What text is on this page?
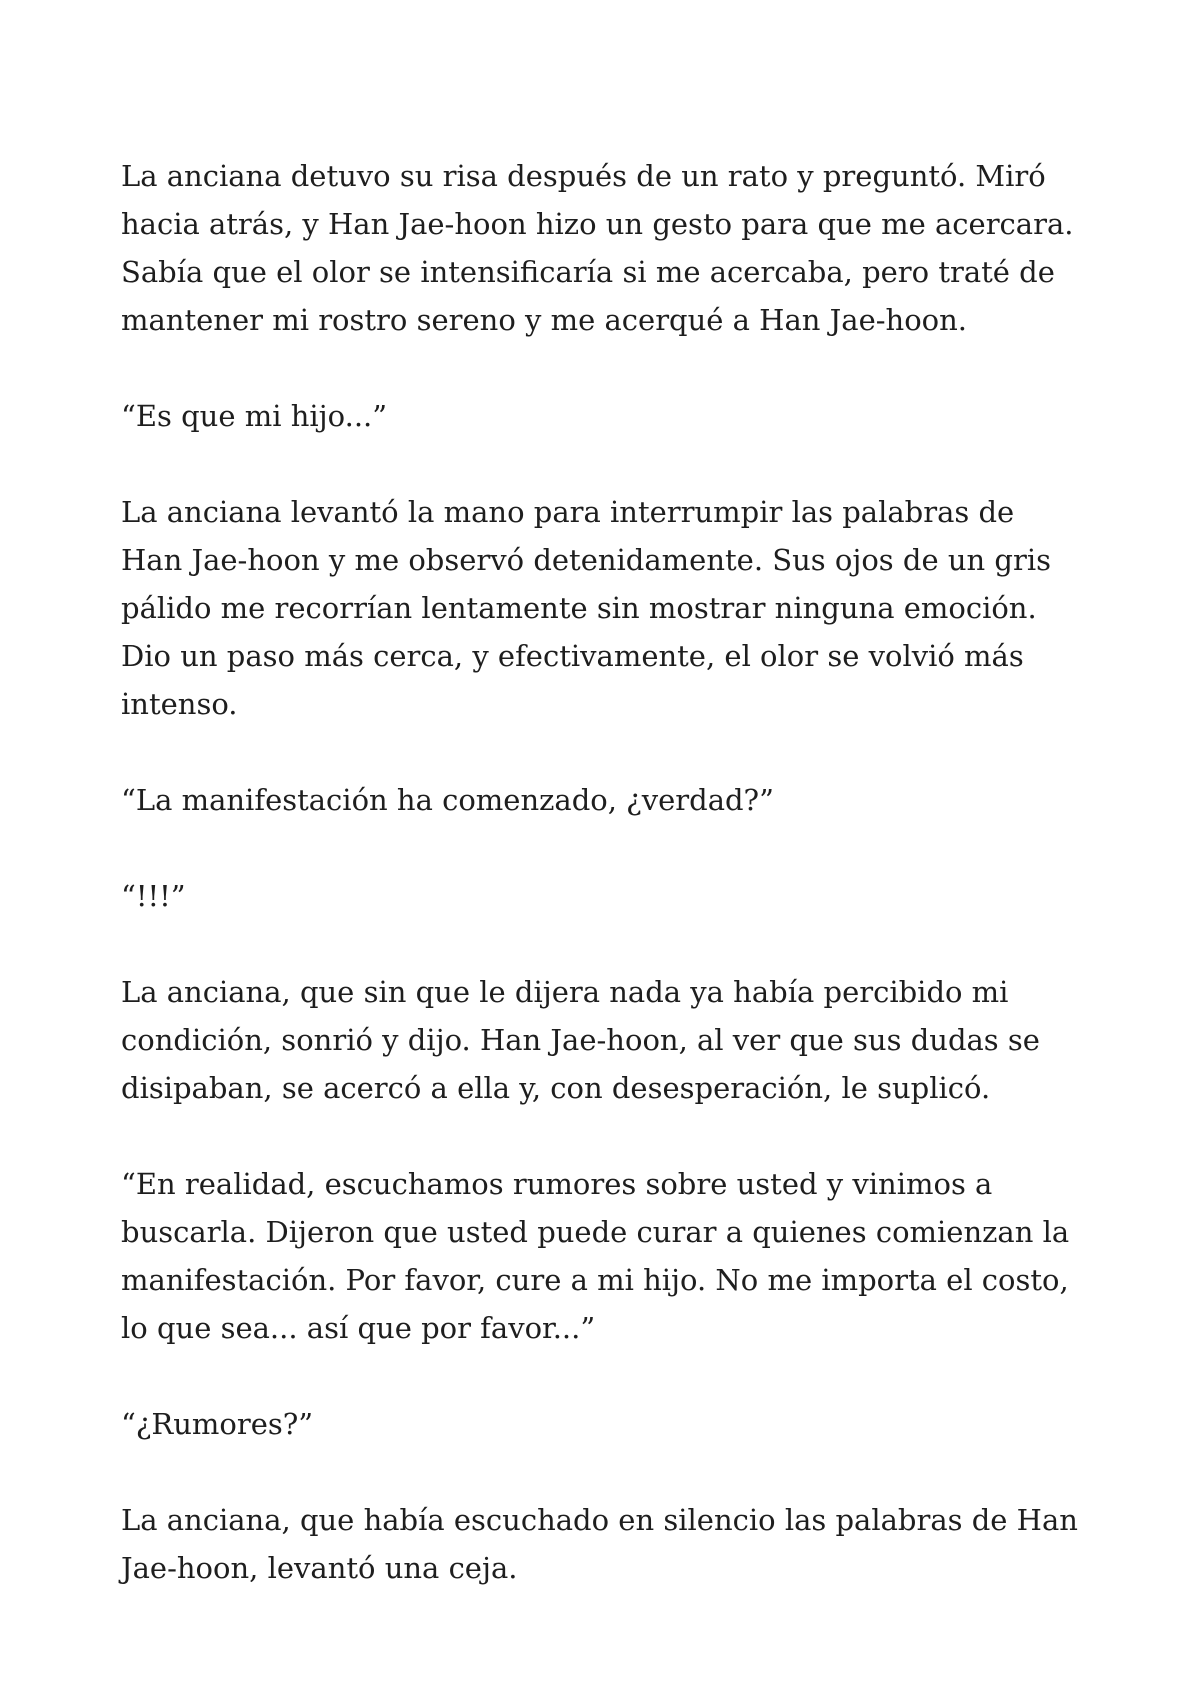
La anciana detuvo su risa después de un rato y preguntó. Miró hacia atrás, y Han Jae-hoon hizo un gesto para que me acercara. Sabía que el olor se intensificaría si me acercaba, pero traté de mantener mi rostro sereno y me acerqué a Han Jae-hoon.

“Es que mi hijo...”

La anciana levantó la mano para interrumpir las palabras de Han Jae-hoon y me observó detenidamente. Sus ojos de un gris pálido me recorrían lentamente sin mostrar ninguna emoción. Dio un paso más cerca, y efectivamente, el olor se volvió más intenso.

“La manifestación ha comenzado, ¿verdad?”

“!!!”

La anciana, que sin que le dijera nada ya había percibido mi condición, sonrió y dijo. Han Jae-hoon, al ver que sus dudas se disipaban, se acercó a ella y, con desesperación, le suplicó.

“En realidad, escuchamos rumores sobre usted y vinimos a buscarla. Dijeron que usted puede curar a quienes comienzan la manifestación. Por favor, cure a mi hijo. No me importa el costo, lo que sea... así que por favor...”

“¿Rumores?”

La anciana, que había escuchado en silencio las palabras de Han Jae-hoon, levantó una ceja.
